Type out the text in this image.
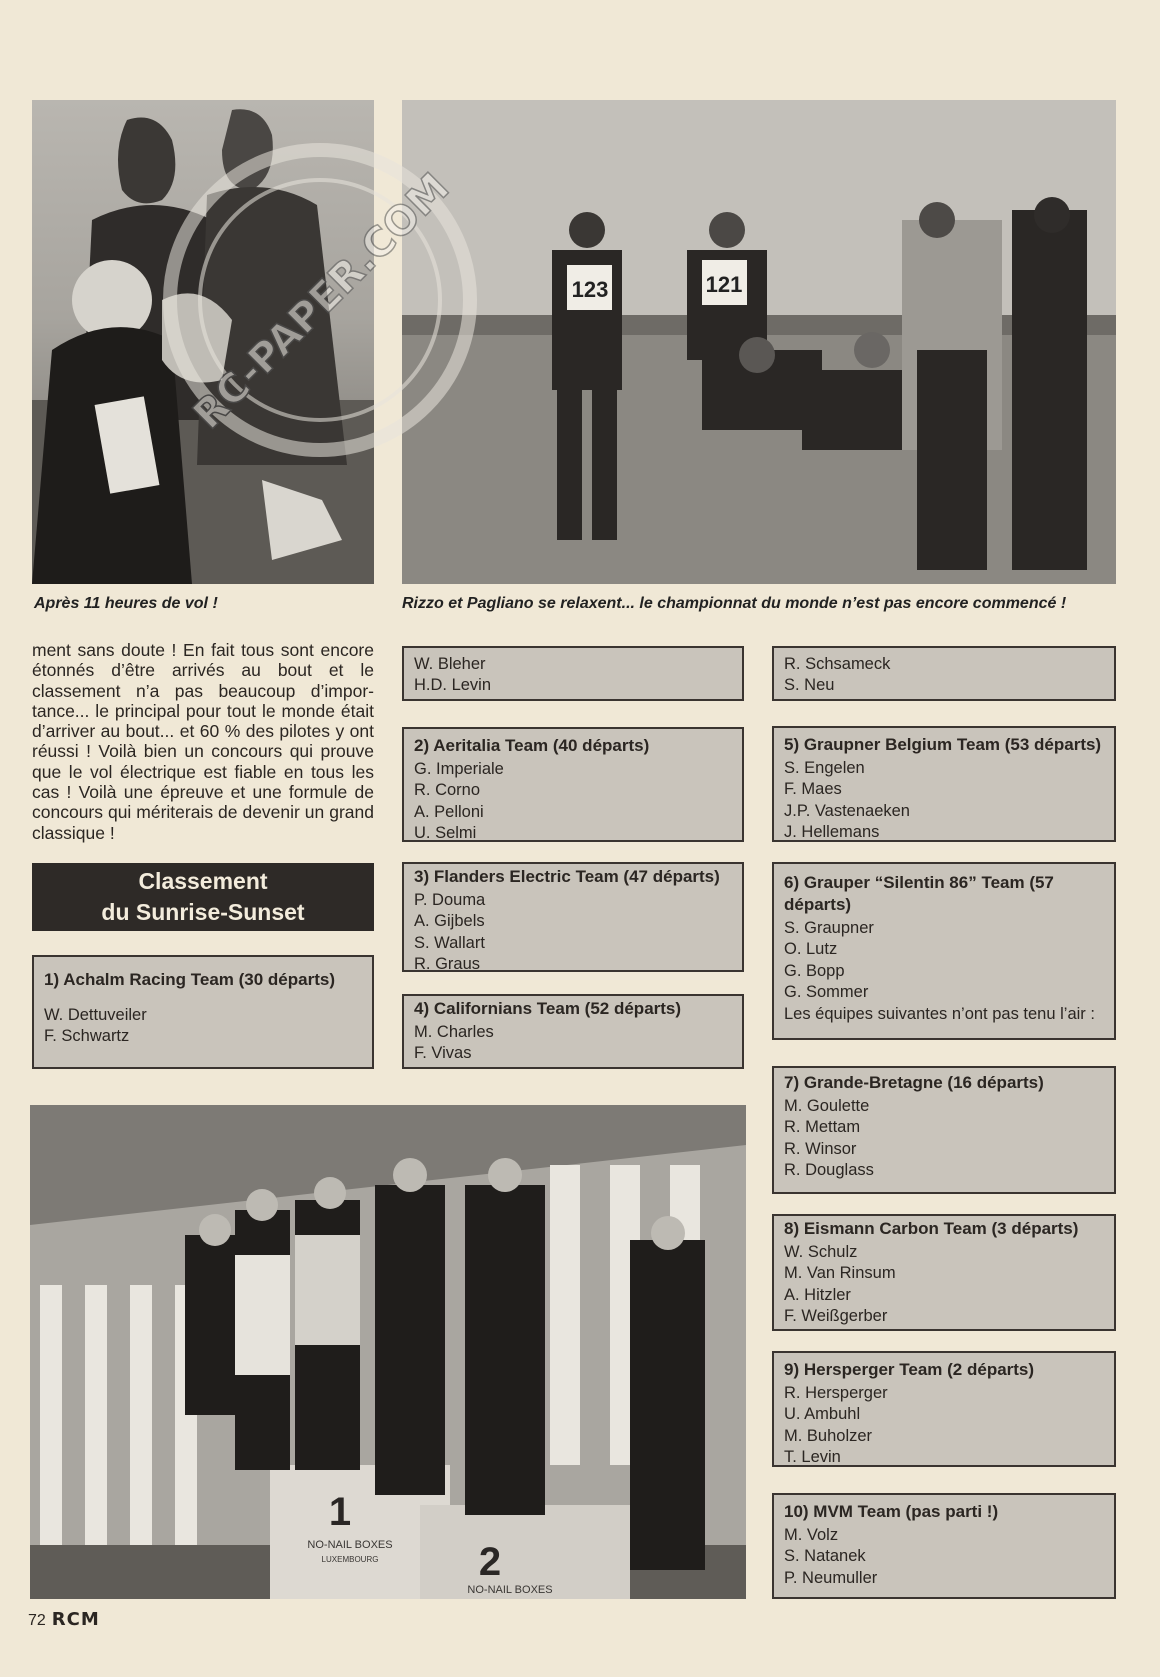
123	121
RC-PAPER.COM
Après 11 heures de vol !	Rizzo et Pagliano se relaxent... le championnat du monde n’est pas encore commencé !

ment sans doute ! En fait tous sont encore étonnés d’être arrivés au bout et le classement n’a pas beaucoup d’impor-tance... le principal pour tout le monde était d’arriver au bout... et 60 % des pilotes y ont réussi ! Voilà bien un concours qui prouve que le vol électrique est fiable en tous les cas ! Voilà une épreuve et une formule de concours qui mériterais de devenir un grand classique !

Classement
du Sunrise-Sunset
1) Achalm Racing Team (30 départs)
W. Dettuveiler
F. Schwartz
W. Bleher
H.D. Levin
2) Aeritalia Team (40 départs)
G. Imperiale
R. Corno
A. Pelloni
U. Selmi
3) Flanders Electric Team (47 départs)
P. Douma
A. Gijbels
S. Wallart
R. Graus
4) Californians Team (52 départs)
M. Charles
F. Vivas
R. Schsameck
S. Neu
5) Graupner Belgium Team (53 départs)
S. Engelen
F. Maes
J.P. Vastenaeken
J. Hellemans
6) Grauper “Silentin 86” Team (57 départs)
S. Graupner
O. Lutz
G. Bopp
G. Sommer
Les équipes suivantes n’ont pas tenu l’air :
7) Grande-Bretagne (16 départs)
M. Goulette
R. Mettam
R. Winsor
R. Douglass
8) Eismann Carbon Team (3 départs)
W. Schulz
M. Van Rinsum
A. Hitzler
F. Weißgerber
9) Hersperger Team (2 départs)
R. Hersperger
U. Ambuhl
M. Buholzer
T. Levin
10) MVM Team (pas parti !)
M. Volz
S. Natanek
P. Neumuller
1
2
NO-NAIL BOXES
LUXEMBOURG
NO-NAIL BOXES
72 RCM
